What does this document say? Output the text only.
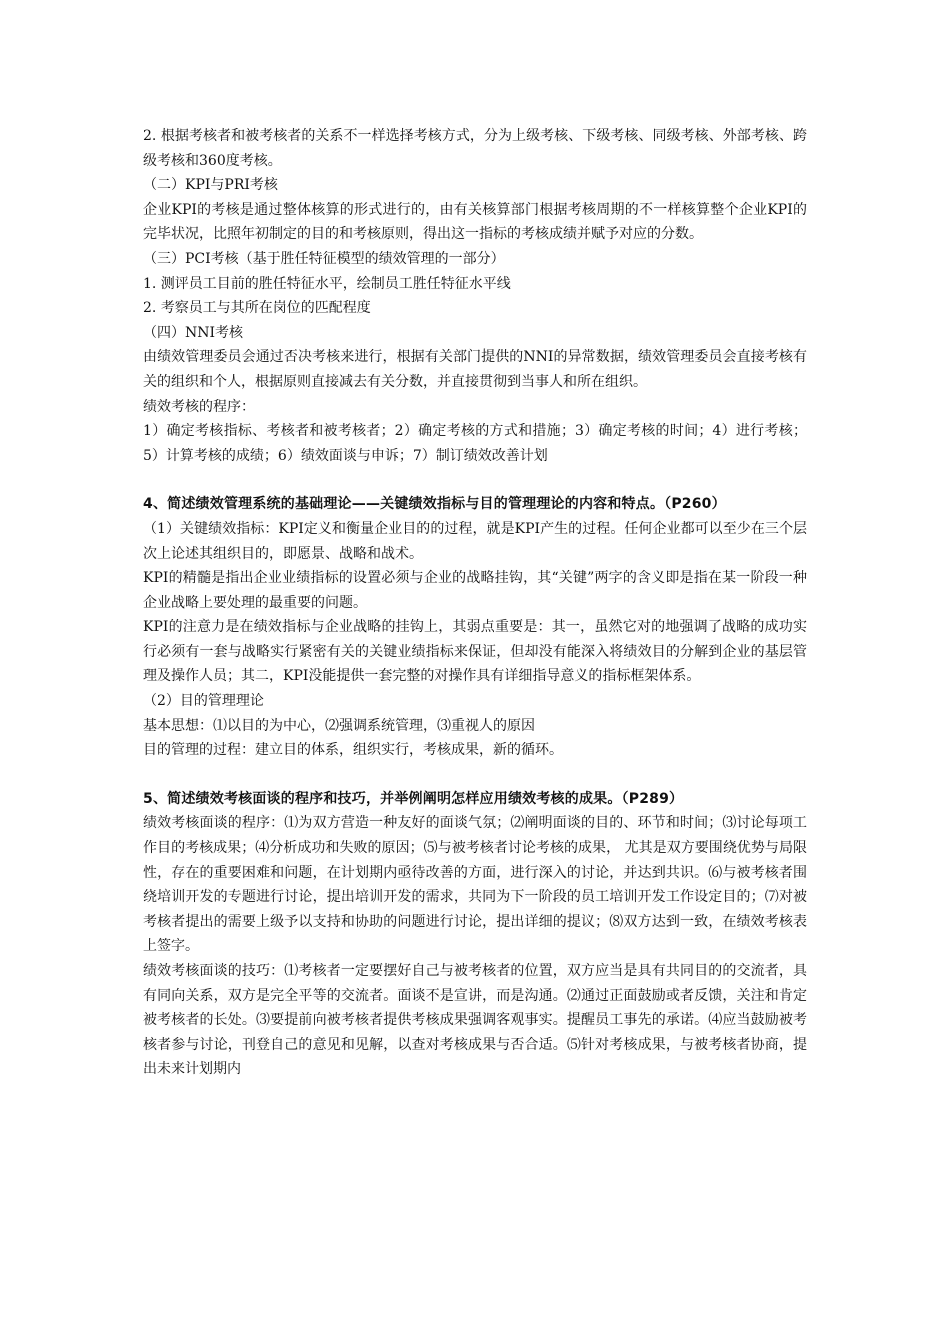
2. 根据考核者和被考核者的关系不一样选择考核方式，分为上级考核、下级考核、同级考核、外部考核、跨级考核和360度考核。

（二）KPI与PRI考核

企业KPI的考核是通过整体核算的形式进行的，由有关核算部门根据考核周期的不一样核算整个企业KPI的完毕状况，比照年初制定的目的和考核原则，得出这一指标的考核成绩并赋予对应的分数。

（三）PCI考核（基于胜任特征模型的绩效管理的一部分）

1. 测评员工目前的胜任特征水平，绘制员工胜任特征水平线

2. 考察员工与其所在岗位的匹配程度

（四）NNI考核

由绩效管理委员会通过否决考核来进行，根据有关部门提供的NNI的异常数据，绩效管理委员会直接考核有关的组织和个人，根据原则直接减去有关分数，并直接贯彻到当事人和所在组织。

绩效考核的程序：

1）确定考核指标、考核者和被考核者；2）确定考核的方式和措施；3）确定考核的时间；4）进行考核；5）计算考核的成绩；6）绩效面谈与申诉；7）制订绩效改善计划

4、简述绩效管理系统的基础理论——关键绩效指标与目的管理理论的内容和特点。（P260）

（1）关键绩效指标：KPI定义和衡量企业目的的过程，就是KPI产生的过程。任何企业都可以至少在三个层次上论述其组织目的，即愿景、战略和战术。

KPI的精髓是指出企业业绩指标的设置必须与企业的战略挂钩，其“关键”两字的含义即是指在某一阶段一种企业战略上要处理的最重要的问题。

KPI的注意力是在绩效指标与企业战略的挂钩上，其弱点重要是：其一，虽然它对的地强调了战略的成功实行必须有一套与战略实行紧密有关的关键业绩指标来保证，但却没有能深入将绩效目的分解到企业的基层管理及操作人员；其二，KPI没能提供一套完整的对操作具有详细指导意义的指标框架体系。

（2）目的管理理论

基本思想：⑴以目的为中心，⑵强调系统管理，⑶重视人的原因

目的管理的过程：建立目的体系，组织实行，考核成果，新的循环。

5、简述绩效考核面谈的程序和技巧，并举例阐明怎样应用绩效考核的成果。（P289）

绩效考核面谈的程序：⑴为双方营造一种友好的面谈气氛；⑵阐明面谈的目的、环节和时间；⑶讨论每项工作目的考核成果；⑷分析成功和失败的原因；⑸与被考核者讨论考核的成果， 尤其是双方要围绕优势与局限性，存在的重要困难和问题，在计划期内亟待改善的方面，进行深入的讨论，并达到共识。⑹与被考核者围绕培训开发的专题进行讨论，提出培训开发的需求，共同为下一阶段的员工培训开发工作设定目的；⑺对被考核者提出的需要上级予以支持和协助的问题进行讨论，提出详细的提议；⑻双方达到一致，在绩效考核表上签字。

绩效考核面谈的技巧：⑴考核者一定要摆好自己与被考核者的位置，双方应当是具有共同目的的交流者，具有同向关系，双方是完全平等的交流者。面谈不是宣讲，而是沟通。⑵通过正面鼓励或者反馈，关注和肯定被考核者的长处。⑶要提前向被考核者提供考核成果强调客观事实。提醒员工事先的承诺。⑷应当鼓励被考核者参与讨论，刊登自己的意见和见解，以查对考核成果与否合适。⑸针对考核成果，与被考核者协商，提出未来计划期内
